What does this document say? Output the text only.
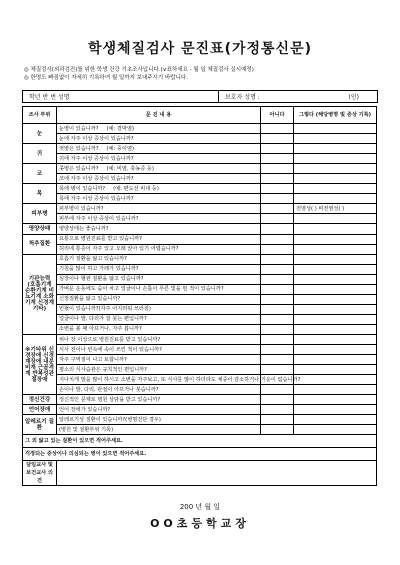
학생체질검사 문진표(가정통신문)
◎ 체질검사(외과검진)를 위한 학생 건강 기초조사입니다.(∨표하세요 - 월 일 체질검사 실시예정)
◎ 한명도 빠짐없이 자세히 기록하여 월 일까지 보내주시기 바랍니다.
학년 반 번 성명	보호자 성명 :	(인)
조사 부위	문 진 내 용	아니다	그렇다 (해당병명 및 증상 기록)
눈	눈병이 있습니까? (예: 결막염)		
	눈에 자주 이상 증상이 있습니까?		
귀	귓병은 있습니까? (예: 중이염)		
	귀에 자주 이상 증상이 있습니까?		
코	콧병은 있습니까? (예: 비염, 축농증 등)		
	코에 자주 이상 증상이 있습니까?		
목	목에 병이 있습니까? (예: 편도선 비대 등)		
	목에 자주 이상 증상이 있습니까?		
피부병	피부병이 있습니까?		전염성( ) 비전염성( )
	피부에 자주 이상 증상이 있습니까?		
영양상태	영양상태는 좋습니까?		
척추질환	요통으로 병원진료를 받고 있습니까?		
	허리에 통증이 자주 있고 오래 앉아 있기 어렵습니까?		
기관능력 (호흡기계 순환기계 비뇨기계 소화기계 신경계 기타)	호흡기 질환을 앓고 있습니까?		
	기침을 많이 하고 가래가 있습니까?		
	심장이나 혈관 질환을 앓고 있습니까?		
	가벼운 운동에도 숨이 차고 얼굴이나 손톱이 푸른 빛을 띈 적이 있습니까?		
	신장질환을 앓고 있습니까?		
	빈혈이 있습니까?(자주 어지러워 쓰러짐)		
	얼굴이나 발, 다리가 잘 붓는 편입니까?		
	소변을 볼 때 아프거나, 자주 봅니까?		
※기타위 신경장애 신경계장애 내분비계 근골격계 반복성관절장애	위나 장 이상으로 병원진료를 받고 있습니까?		
	식사 전이나 빈속에 속이 쓰린 적이 있습니까?		
	자주 구역질이 나고 토합니까?		
	평소의 식사습관은 규칙적인 편입니까?		
	지나치게 말을 많이 하시고 소변을 자주보고, 또 식사를 많이 하더라도 체중이 감소하거나 기운이 없습니까?		
	손이나 발, 다리, 관절이 아프거나 붓습니까?		
정신건강	정신적인 문제로 병원 상담을 받고 있습니까?		
언어장애	언어 장애가 있습니까?		
알레르기 질환	알레르기성 질환이 있습니까?(병명진단 경우)		
	(병원 및 질환부위 기록)		
그 외 앓고 있는 질환이 있으면 적어주세요.			
걱정되는 증상이나 의심되는 병이 있으면 적어주세요.			
담임교사 및 보건교사 의견			
200 년 월 일
OO초등학교장
